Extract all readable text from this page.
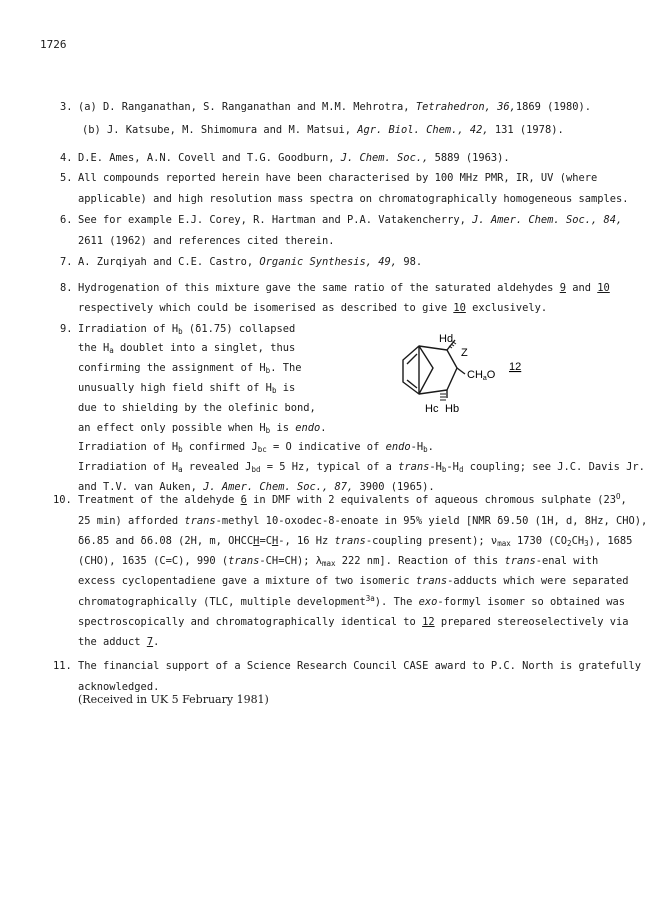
1726
3. (a) D. Ranganathan, S. Ranganathan and M.M. Mehrotra, Tetrahedron, 36,1869 (1980).
(b) J. Katsube, M. Shimomura and M. Matsui, Agr. Biol. Chem., 42, 131 (1978).
4. D.E. Ames, A.N. Covell and T.G. Goodburn, J. Chem. Soc., 5889 (1963).
5. All compounds reported herein have been characterised by 100 MHz PMR, IR, UV (where
applicable) and high resolution mass spectra on chromatographically homogeneous samples.
6. See for example E.J. Corey, R. Hartman and P.A. Vatakencherry, J. Amer. Chem. Soc., 84,
2611 (1962) and references cited therein.
7. A. Zurqiyah and C.E. Castro, Organic Synthesis, 49, 98.
8. Hydrogenation of this mixture gave the same ratio of the saturated aldehydes 9 and 10
respectively which could be isomerised as described to give 10 exclusively.
9. Irradiation of $H_b$ (δ1.75) collapsed
the $H_a$ doublet into a singlet, thus
confirming the assignment of $H_b$. The
unusually high field shift of $H_b$ is
due to shielding by the olefinic bond,
an effect only possible when $H_b$ is endo.
Irradiation of $H_b$ confirmed $J_{bc} = O$ indicative of endo-$H_b$.
Irradiation of $H_a$ revealed $J_{bd} = 5$ Hz, typical of a trans-$H_b-H_d$ coupling; see J.C. Davis Jr.
and T.V. van Auken, J. Amer. Chem. Soc., 87, 3900 (1965).
10. Treatment of the aldehyde 6 in DMF with 2 equivalents of aqueous chromous sulphate ($23^O$,
25 min) afforded trans-methyl 10-oxodec-8-enoate in 95% yield [NMR δ9.50 (1H, d, 8Hz, CHO),
δ6.85 and δ6.08 (2H, m, OHCCH=CH-, 16 Hz trans-coupling present); $\nu_{max}$ 1730 $(CO_2CH_3)$, 1685
(CHO), 1635 (C=C), 990 (trans-CH=CH); $\lambda_{max}$ 222 nm]. Reaction of this trans-enal with
excess cyclopentadiene gave a mixture of two isomeric trans-adducts which were separated
chromatographically (TLC, multiple development$^{3a}$). The exo-formyl isomer so obtained was
spectroscopically and chromatographically identical to 12 prepared stereoselectively via
the adduct 7.
11. The financial support of a Science Research Council CASE award to P.C. North is gratefully
acknowledged.
Hd
Z
CHaO
Hc Hb
12
(Received in UK 5 February 1981)
